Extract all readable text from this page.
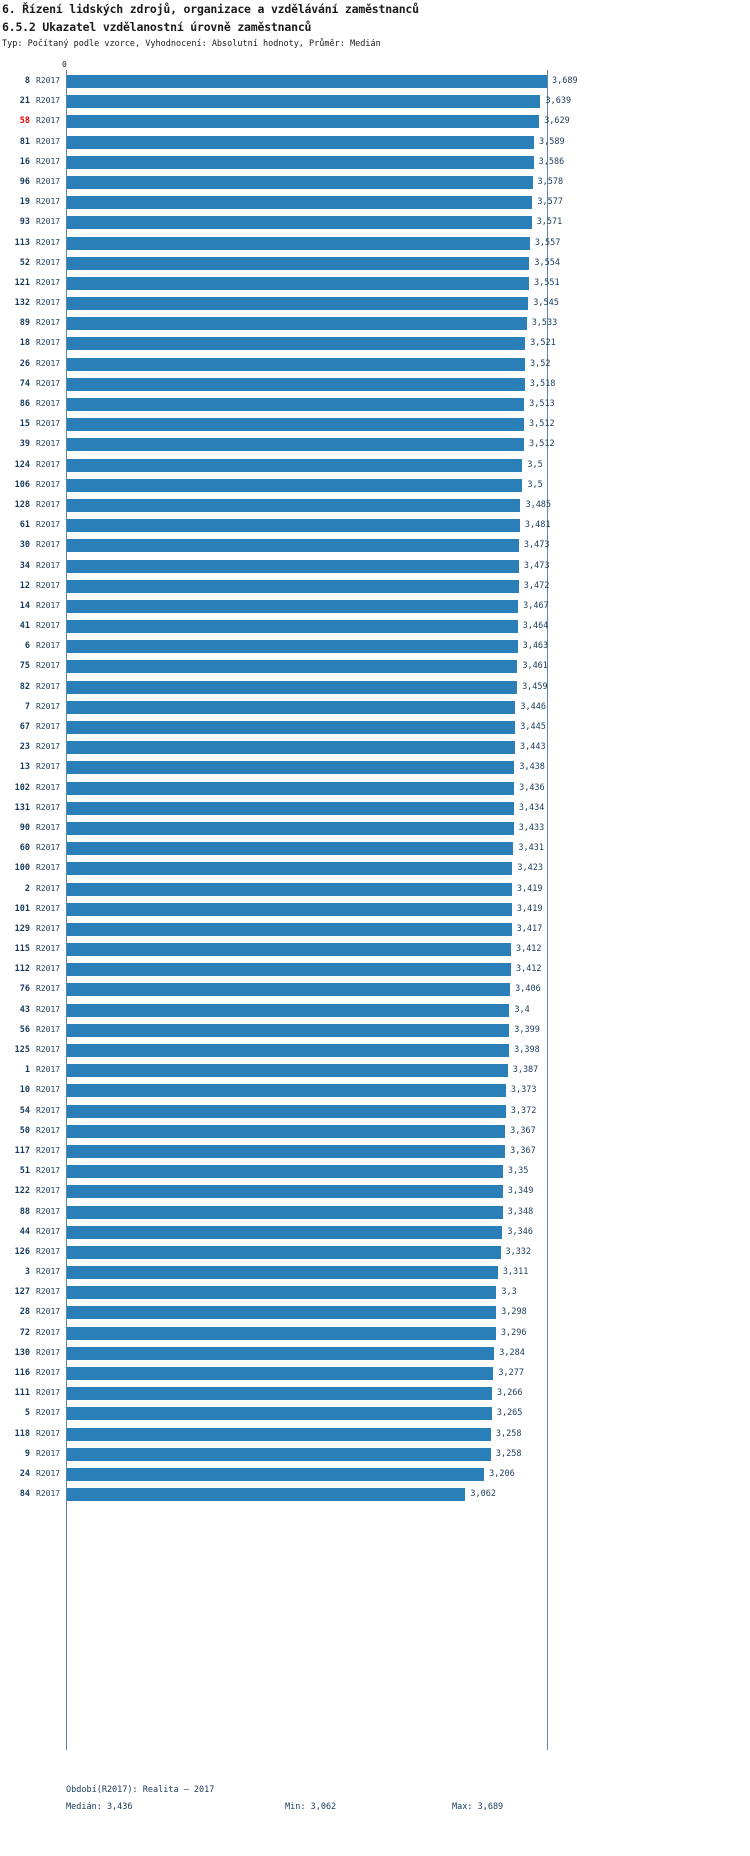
6. Řízení lidských zdrojů, organizace a vzdělávání zaměstnanců
6.5.2 Ukazatel vzdělanostní úrovně zaměstnanců
Typ: Počítaný podle vzorce, Vyhodnocení: Absolutní hodnoty, Průměr: Medián
0
8 R2017	3,689
21 R2017	3,639
58 R2017	3,629
81 R2017	3,589
16 R2017	3,586
96 R2017	3,578
19 R2017	3,577
93 R2017	3,571
113 R2017	3,557
52 R2017	3,554
121 R2017	3,551
132 R2017	3,545
89 R2017	3,533
18 R2017	3,521
26 R2017	3,52
74 R2017	3,518
86 R2017	3,513
15 R2017	3,512
39 R2017	3,512
124 R2017	3,5
106 R2017	3,5
128 R2017	3,485
61 R2017	3,481
30 R2017	3,473
34 R2017	3,473
12 R2017	3,472
14 R2017	3,467
41 R2017	3,464
6 R2017	3,463
75 R2017	3,461
82 R2017	3,459
7 R2017	3,446
67 R2017	3,445
23 R2017	3,443
13 R2017	3,438
102 R2017	3,436
131 R2017	3,434
90 R2017	3,433
60 R2017	3,431
100 R2017	3,423
2 R2017	3,419
101 R2017	3,419
129 R2017	3,417
115 R2017	3,412
112 R2017	3,412
76 R2017	3,406
43 R2017	3,4
56 R2017	3,399
125 R2017	3,398
1 R2017	3,387
10 R2017	3,373
54 R2017	3,372
50 R2017	3,367
117 R2017	3,367
51 R2017	3,35
122 R2017	3,349
88 R2017	3,348
44 R2017	3,346
126 R2017	3,332
3 R2017	3,311
127 R2017	3,3
28 R2017	3,298
72 R2017	3,296
130 R2017	3,284
116 R2017	3,277
111 R2017	3,266
5 R2017	3,265
118 R2017	3,258
9 R2017	3,258
24 R2017	3,206
84 R2017	3,062
Období(R2017): Realita – 2017
Medián: 3,436	Min: 3,062	Max: 3,689
